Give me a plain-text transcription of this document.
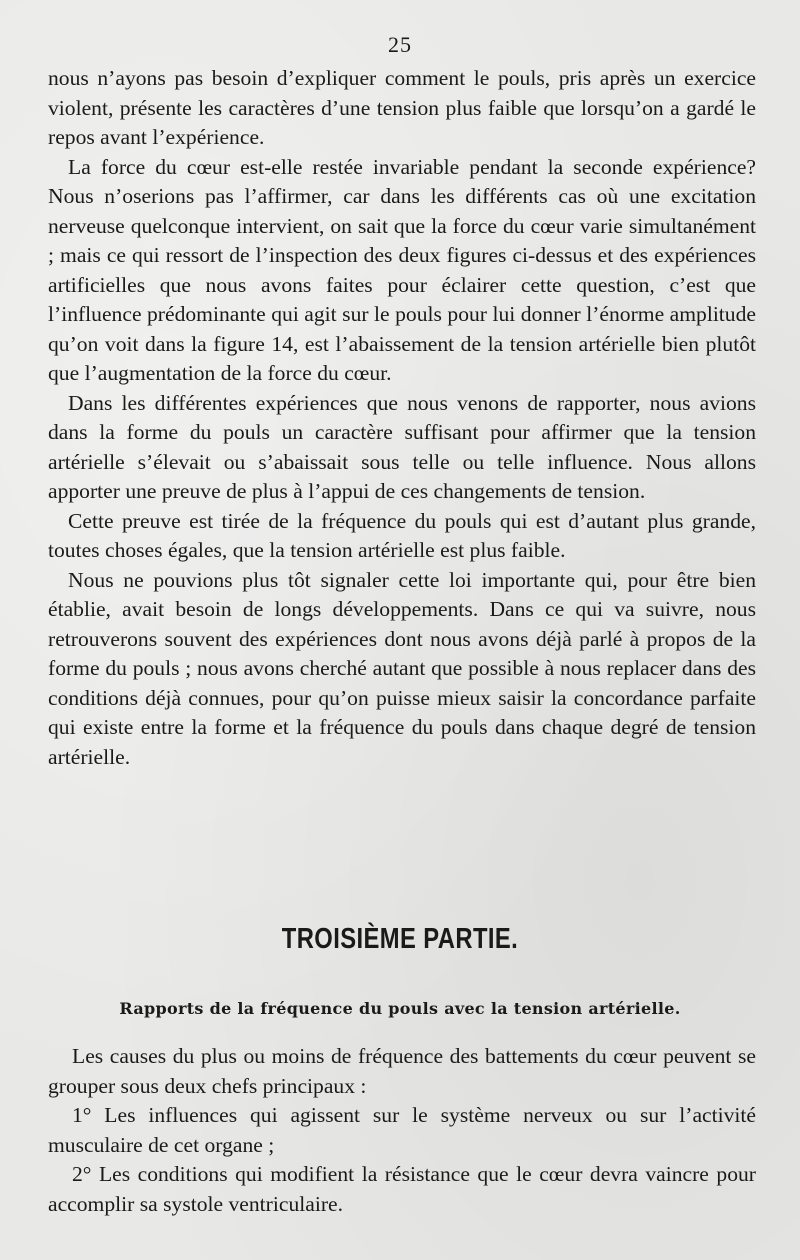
25

nous n’ayons pas besoin d’expliquer comment le pouls, pris après un exercice violent, présente les caractères d’une tension plus faible que lorsqu’on a gardé le repos avant l’expérience.

La force du cœur est-elle restée invariable pendant la seconde expérience? Nous n’oserions pas l’affirmer, car dans les différents cas où une excitation nerveuse quelconque intervient, on sait que la force du cœur varie simultanément ; mais ce qui ressort de l’inspection des deux figures ci-dessus et des expériences artificielles que nous avons faites pour éclairer cette question, c’est que l’influence prédominante qui agit sur le pouls pour lui donner l’énorme amplitude qu’on voit dans la figure 14, est l’abaissement de la tension artérielle bien plutôt que l’augmentation de la force du cœur.

Dans les différentes expériences que nous venons de rapporter, nous avions dans la forme du pouls un caractère suffisant pour affirmer que la tension artérielle s’élevait ou s’abaissait sous telle ou telle influence. Nous allons apporter une preuve de plus à l’appui de ces changements de tension.

Cette preuve est tirée de la fréquence du pouls qui est d’autant plus grande, toutes choses égales, que la tension artérielle est plus faible.

Nous ne pouvions plus tôt signaler cette loi importante qui, pour être bien établie, avait besoin de longs développements. Dans ce qui va suivre, nous retrouverons souvent des expériences dont nous avons déjà parlé à propos de la forme du pouls ; nous avons cherché autant que possible à nous replacer dans des conditions déjà connues, pour qu’on puisse mieux saisir la concordance parfaite qui existe entre la forme et la fréquence du pouls dans chaque degré de tension artérielle.

TROISIÈME PARTIE.
Rapports de la fréquence du pouls avec la tension artérielle.

Les causes du plus ou moins de fréquence des battements du cœur peuvent se grouper sous deux chefs principaux :

1° Les influences qui agissent sur le système nerveux ou sur l’activité musculaire de cet organe ;

2° Les conditions qui modifient la résistance que le cœur devra vaincre pour accomplir sa systole ventriculaire.
